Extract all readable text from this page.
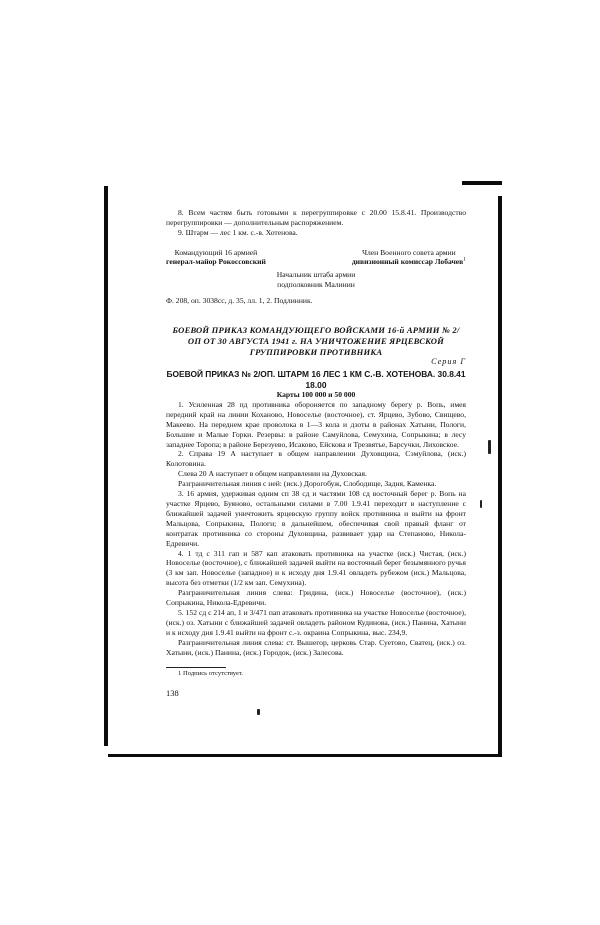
8. Всем частям быть готовыми к перегруппировке с 20.00 15.8.41. Производство перегруппировки — дополнительным распоряжением.

9. Штарм — лес 1 км. с.-в. Хотенова.

Командующий 16 армией
генерал-майор Рокоссовский
Член Военного совета армии
дивизионный комиссар Лобачев$^1$
Начальник штаба армии
подполковник Малинин

Ф. 208, оп. 3038сс, д. 35, лл. 1, 2. Подлинник.

БОЕВОЙ ПРИКАЗ КОМАНДУЮЩЕГО ВОЙСКАМИ 16-й АРМИИ № 2/ОП ОТ 30 АВГУСТА 1941 г. НА УНИЧТОЖЕНИЕ ЯРЦЕВСКОЙ ГРУППИРОВКИ ПРОТИВНИКА
Серия Г
БОЕВОЙ ПРИКАЗ № 2/ОП. ШТАРМ 16 ЛЕС 1 КМ С.-В. ХОТЕНОВА. 30.8.41 18.00

Карты 100 000 и 50 000

1. Усиленная 28 пд противника обороняется по западному берегу р. Вопь, имея передний край на линии Коханово, Новоселье (восточное), ст. Ярцево, Зубово, Свищево, Макеево. На переднем крае проволока в 1—3 кола и дзоты в районах Хатыни, Пологи, Большие и Малые Горки. Резервы: в районе Самуйлова, Семухина, Сопрыкина; в лесу западнее Торопа; в районе Березуево, Исаково, Ейскова и Трезвятье, Барсучки, Лиховское.

2. Справа 19 А наступает в общем направлении Духовщина, Сэмуйлова, (иск.) Колотовина.

Слева 20 А наступает в общем направлении на Духовская.

Разграничительная линия с ней: (иск.) Дорогобуж, Слободище, Задня, Каменка.

3. 16 армия, удерживая одним сп 38 сд и частями 108 сд восточный берег р. Вопь на участке Ярцево, Буяново, остальными силами в 7.00 1.9.41 переходит в наступление с ближайшей задачей уничтожить ярцевскую группу войск противника и выйти на фронт Мальцова, Сопрыкина, Пологи; в дальнейшем, обеспечивая свой правый фланг от контратак противника со стороны Духовщина, развивает удар на Степаново, Никола-Едревичи.

4. 1 тд с 311 гап и 587 кап атаковать противника на участке (иск.) Чистая, (иск.) Новоселье (восточное), с ближайшей задачей выйти на восточный берег безымянного ручья (3 км зап. Новоселье (западное) и к исходу дня 1.9.41 овладеть рубежом (иск.) Мальцова, высота без отметки (1/2 км зап. Семухина).

Разграничительная линия слева: Гридина, (иск.) Новоселье (восточное), (иск.) Сопрыкина, Никола-Едревичи.

5. 152 сд с 214 ап, 1 и 3/471 пап атаковать противника на участке Новоселье (восточное), (иск.) оз. Хатыни с ближайшей задачей овладеть районом Кудинова, (иск.) Панина, Хатыни и к исходу дня 1.9.41 выйти на фронт с.-з. окраина Сопрыкина, выс. 234,9.

Разграничительная линия слева: ст. Вышегор, церковь Стар. Суетово, Сватец, (иск.) оз. Хатыни, (иск.) Панина, (иск.) Городок, (иск.) Залесова.

1 Подпись отсутствует.

138
